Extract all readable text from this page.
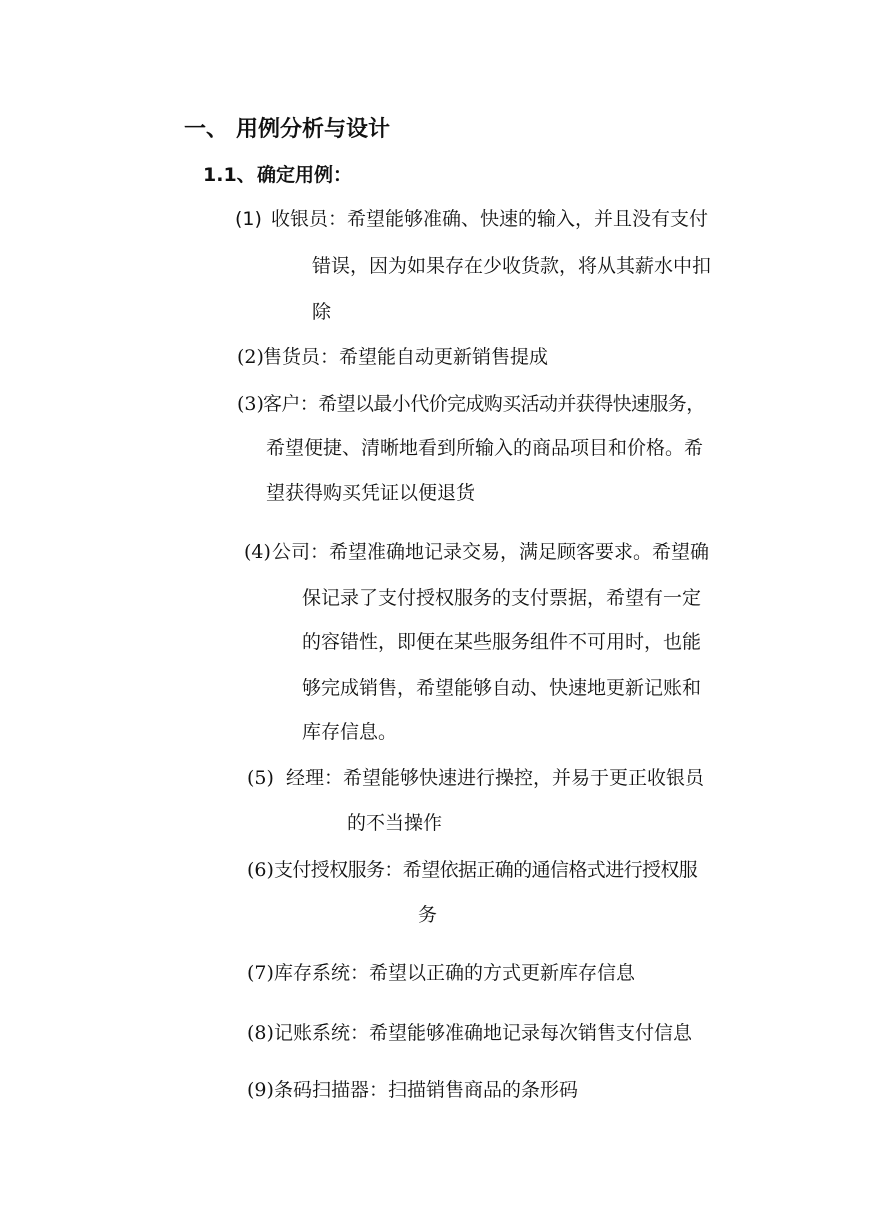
一、 用例分析与设计
1.1、 确定用例：
(1) 收银员：希望能够准确、快速的输入，并且没有支付
错误，因为如果存在少收货款，将从其薪水中扣
除
(2) 售货员：希望能自动更新销售提成
(3) 客户：希望以最小代价完成购买活动并获得快速服务，
希望便捷、清晰地看到所输入的商品项目和价格。希
望获得购买凭证以便退货
(4) 公司：希望准确地记录交易，满足顾客要求。希望确
保记录了支付授权服务的支付票据，希望有一定
的容错性，即便在某些服务组件不可用时，也能
够完成销售，希望能够自动、快速地更新记账和
库存信息。
(5) 经理：希望能够快速进行操控，并易于更正收银员
的不当操作
(6) 支付授权服务：希望依据正确的通信格式进行授权服
务
(7) 库存系统：希望以正确的方式更新库存信息
(8) 记账系统：希望能够准确地记录每次销售支付信息
(9) 条码扫描器：扫描销售商品的条形码
